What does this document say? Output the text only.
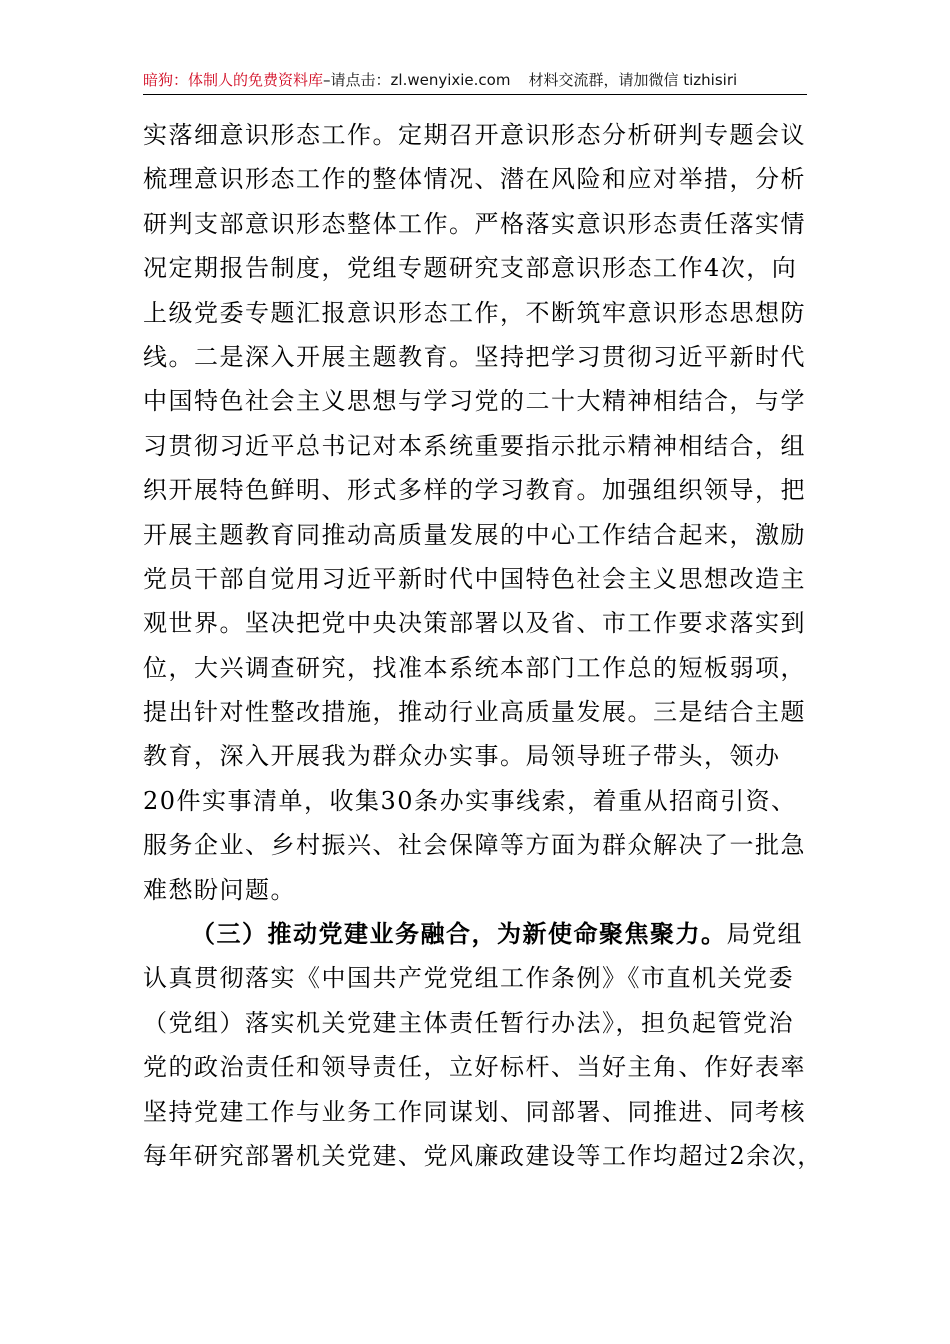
暗狗：体制人的免费资料库–请点击：zl.wenyixie.com 材料交流群，请加微信 tizhisiri
实落细意识形态工作。定期召开意识形态分析研判专题会议
梳理意识形态工作的整体情况、潜在风险和应对举措，分析
研判支部意识形态整体工作。严格落实意识形态责任落实情
况定期报告制度，党组专题研究支部意识形态工作4次，向
上级党委专题汇报意识形态工作，不断筑牢意识形态思想防
线。二是深入开展主题教育。坚持把学习贯彻习近平新时代
中国特色社会主义思想与学习党的二十大精神相结合，与学
习贯彻习近平总书记对本系统重要指示批示精神相结合，组
织开展特色鲜明、形式多样的学习教育。加强组织领导，把
开展主题教育同推动高质量发展的中心工作结合起来，激励
党员干部自觉用习近平新时代中国特色社会主义思想改造主
观世界。坚决把党中央决策部署以及省、市工作要求落实到
位，大兴调查研究，找准本系统本部门工作总的短板弱项，
提出针对性整改措施，推动行业高质量发展。三是结合主题
教育，深入开展我为群众办实事。局领导班子带头，领办
20件实事清单，收集30条办实事线索，着重从招商引资、
服务企业、乡村振兴、社会保障等方面为群众解决了一批急
难愁盼问题。
（三）推动党建业务融合，为新使命聚焦聚力。局党组
认真贯彻落实《中国共产党党组工作条例》《市直机关党委
（党组）落实机关党建主体责任暂行办法》，担负起管党治
党的政治责任和领导责任，立好标杆、当好主角、作好表率
坚持党建工作与业务工作同谋划、同部署、同推进、同考核
每年研究部署机关党建、党风廉政建设等工作均超过2余次，
